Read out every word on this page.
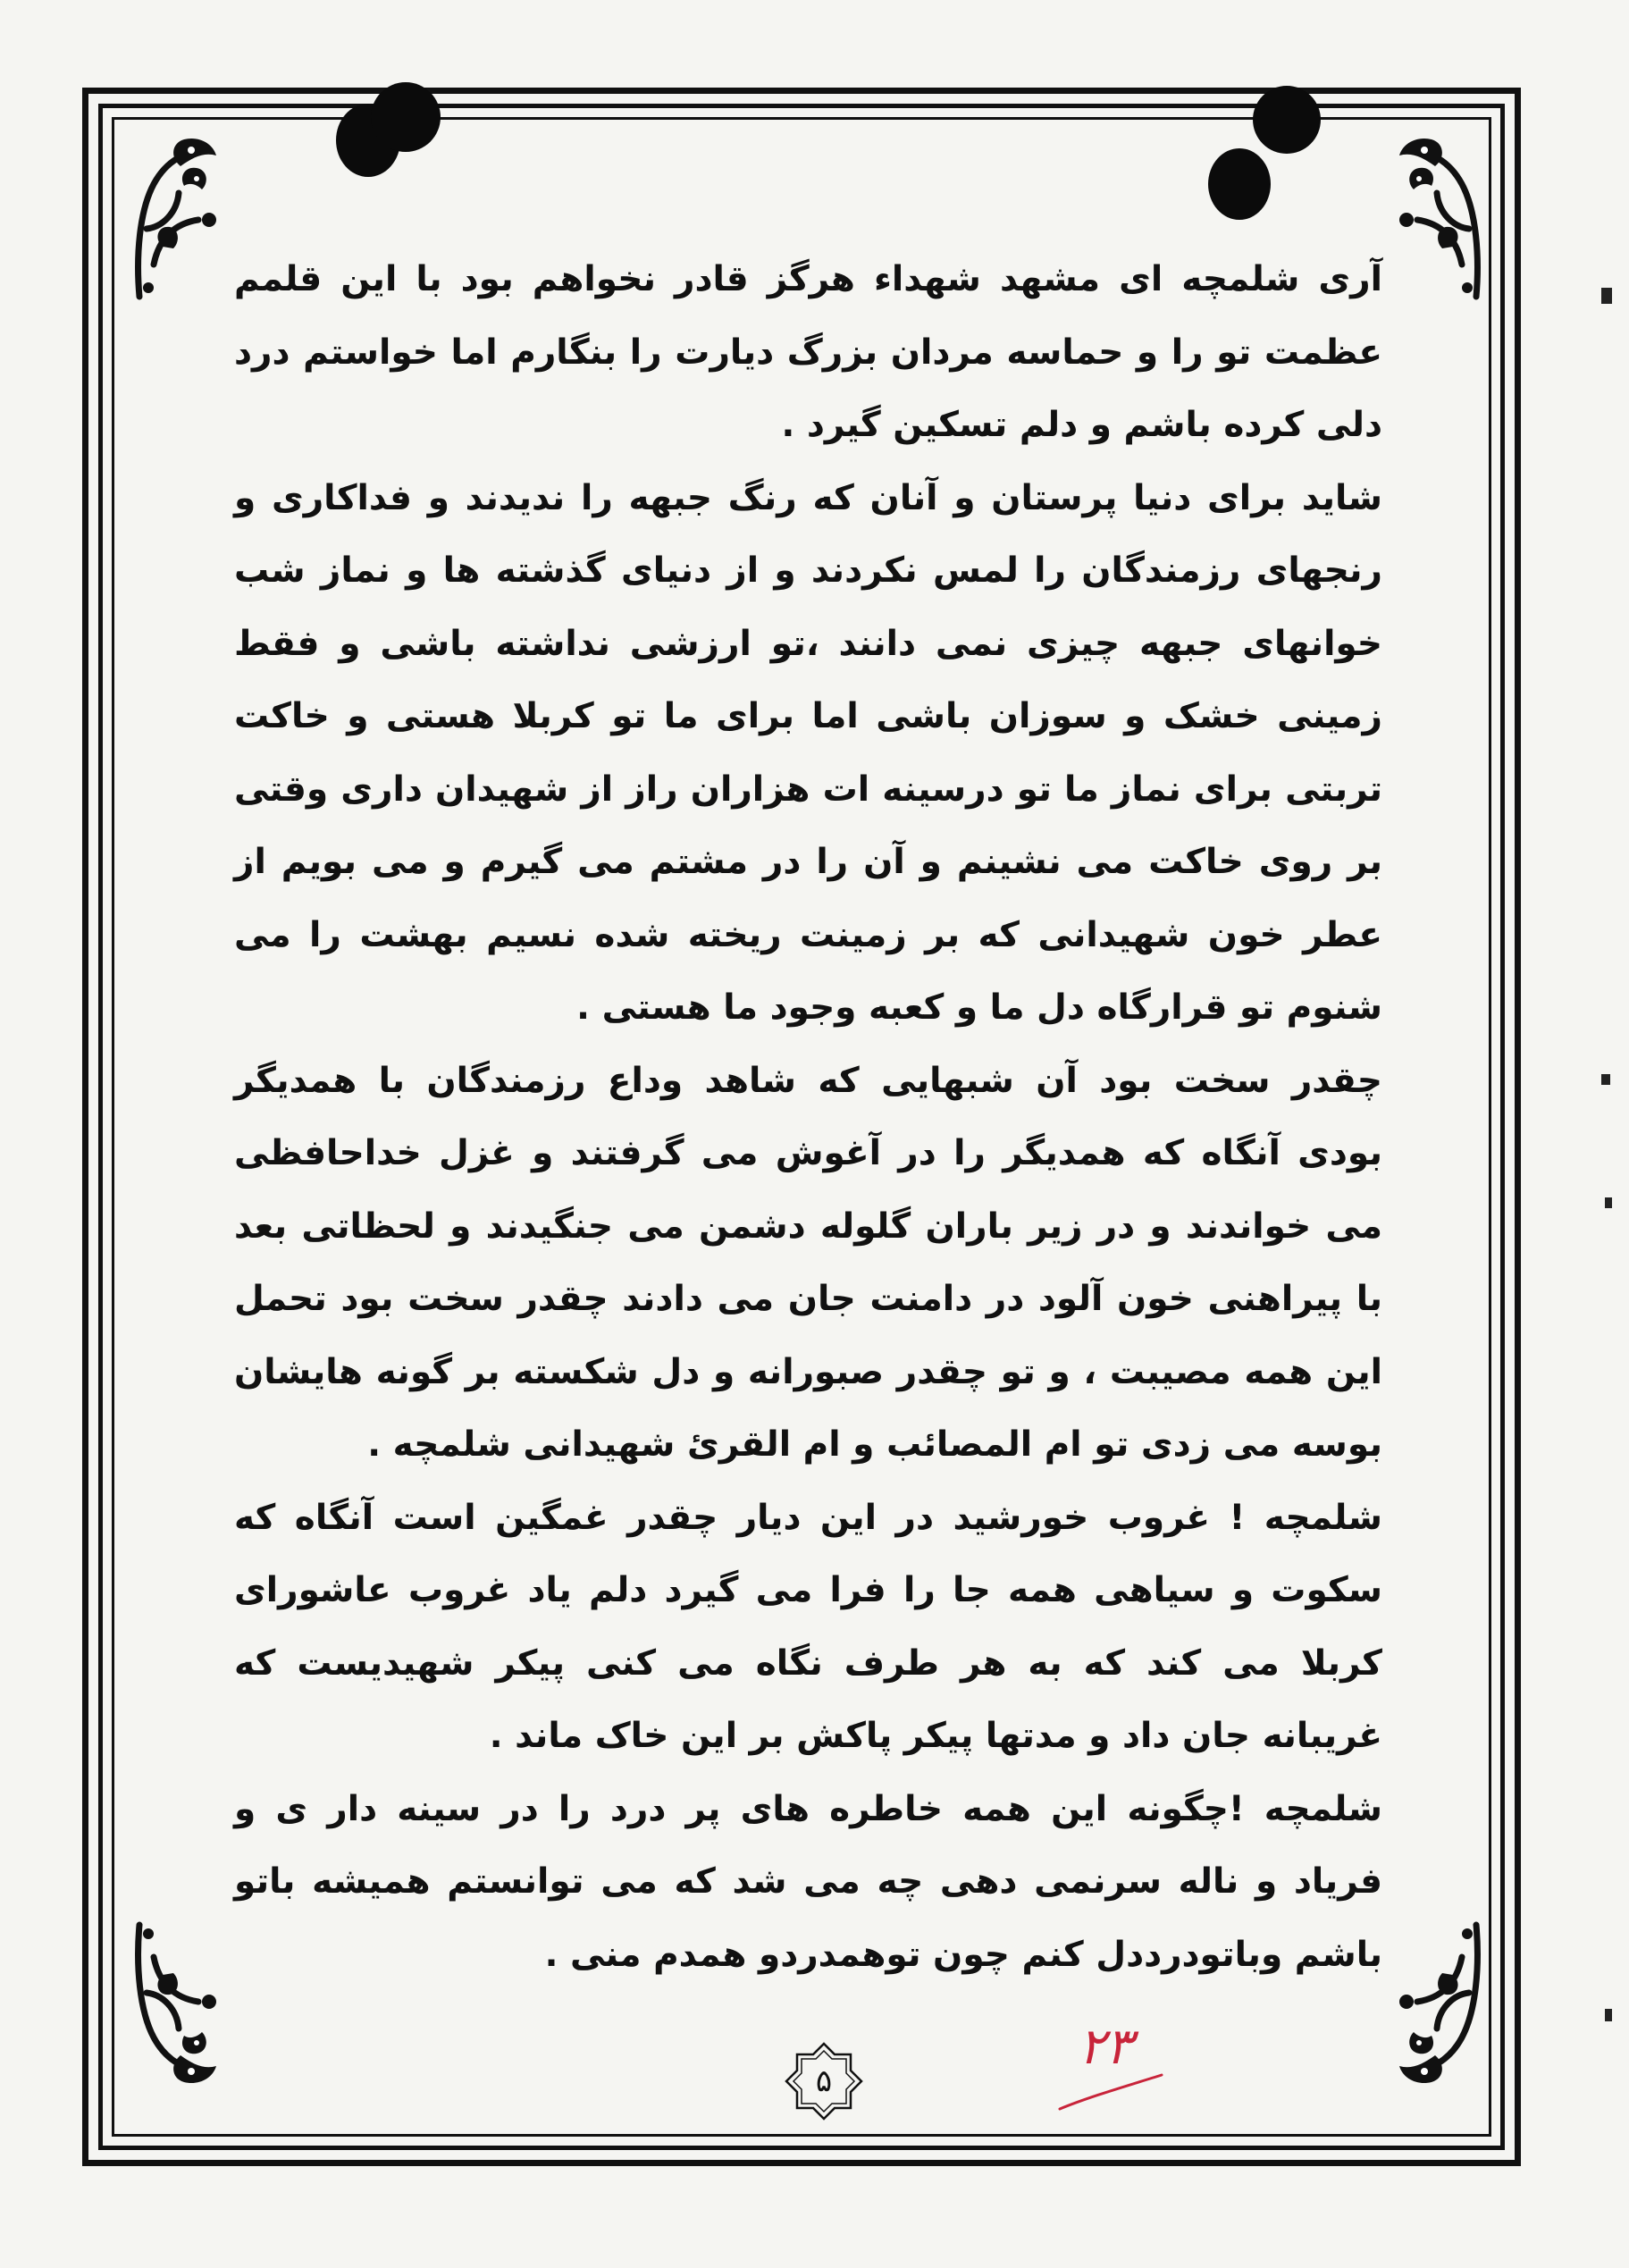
آری شلمچه ای مشهد شهداء هرگز قادر نخواهم بود با این قلمم عظمت تو را و حماسه مردان بزرگ دیارت را بنگارم اما خواستم درد دلی کرده باشم و دلم تسکین گیرد .

شاید برای دنیا پرستان و آنان که رنگ جبهه را ندیدند و فداکاری و رنجهای رزمندگان را لمس نکردند و از دنیای گذشته ها و نماز شب خوانهای جبهه چیزی نمی دانند ،تو ارزشی نداشته باشی و فقط زمینی خشک و سوزان باشی اما برای ما تو کربلا هستی و خاکت تربتی برای نماز ما تو درسینه ات هزاران راز از شهیدان داری وقتی بر روی خاکت می نشینم و آن را در مشتم می گیرم و می بویم از عطر خون شهیدانی که بر زمینت ریخته شده نسیم بهشت را می شنوم تو قرارگاه دل ما و کعبه وجود ما هستی .

چقدر سخت بود آن شبهایی که شاهد وداع رزمندگان با همدیگر بودی آنگاه که همدیگر را در آغوش می گرفتند و غزل خداحافظی می خواندند و در زیر باران گلوله دشمن می جنگیدند و لحظاتی بعد با پیراهنی خون آلود در دامنت جان می دادند چقدر سخت بود تحمل این همه مصیبت ، و تو چقدر صبورانه و دل شکسته بر گونه هایشان بوسه می زدی تو ام المصائب و ام القریٔ شهیدانی شلمچه .

شلمچه ! غروب خورشید در این دیار چقدر غمگین است آنگاه که سکوت و سیاهی همه جا را فرا می گیرد دلم یاد غروب عاشورای کربلا می کند که به هر طرف نگاه می کنی پیکر شهیدیست که غریبانه جان داد و مدتها پیکر پاکش بر این خاک ماند .

شلمچه !چگونه این همه خاطره های پر درد را در سینه دار ی و فریاد و ناله سرنمی دهی چه می شد که می توانستم همیشه باتو باشم وباتودرددل کنم چون توهمدردو همدم منی .

۵
۲۳
